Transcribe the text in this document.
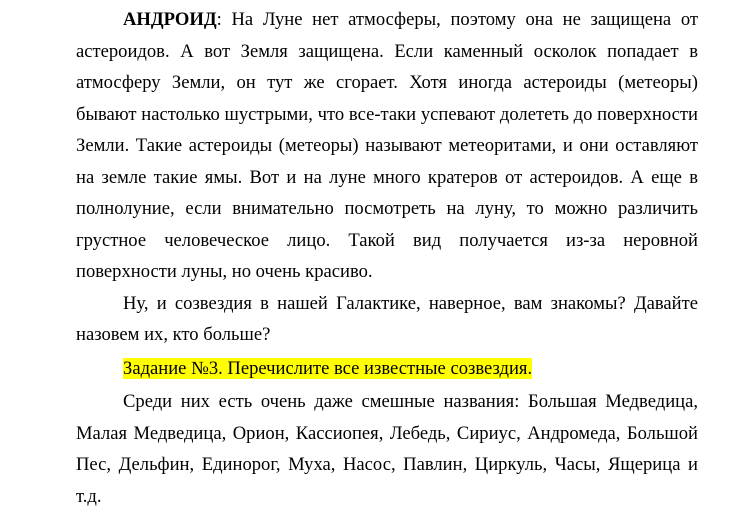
АНДРОИД: На Луне нет атмосферы, поэтому она не защищена от астероидов. А вот Земля защищена. Если каменный осколок попадает в атмосферу Земли, он тут же сгорает. Хотя иногда астероиды (метеоры) бывают настолько шустрыми, что все-таки успевают долететь до поверхности Земли. Такие астероиды (метеоры) называют метеоритами, и они оставляют на земле такие ямы. Вот и на луне много кратеров от астероидов. А еще в полнолуние, если внимательно посмотреть на луну, то можно различить грустное человеческое лицо. Такой вид получается из-за неровной поверхности луны, но очень красиво.

Ну, и созвездия в нашей Галактике, наверное, вам знакомы? Давайте назовем их, кто больше?

Задание №3. Перечислите все известные созвездия.

Среди них есть очень даже смешные названия: Большая Медведица, Малая Медведица, Орион, Кассиопея, Лебедь, Сириус, Андромеда, Большой Пес, Дельфин, Единорог, Муха, Насос, Павлин, Циркуль, Часы, Ящерица и т.д.
